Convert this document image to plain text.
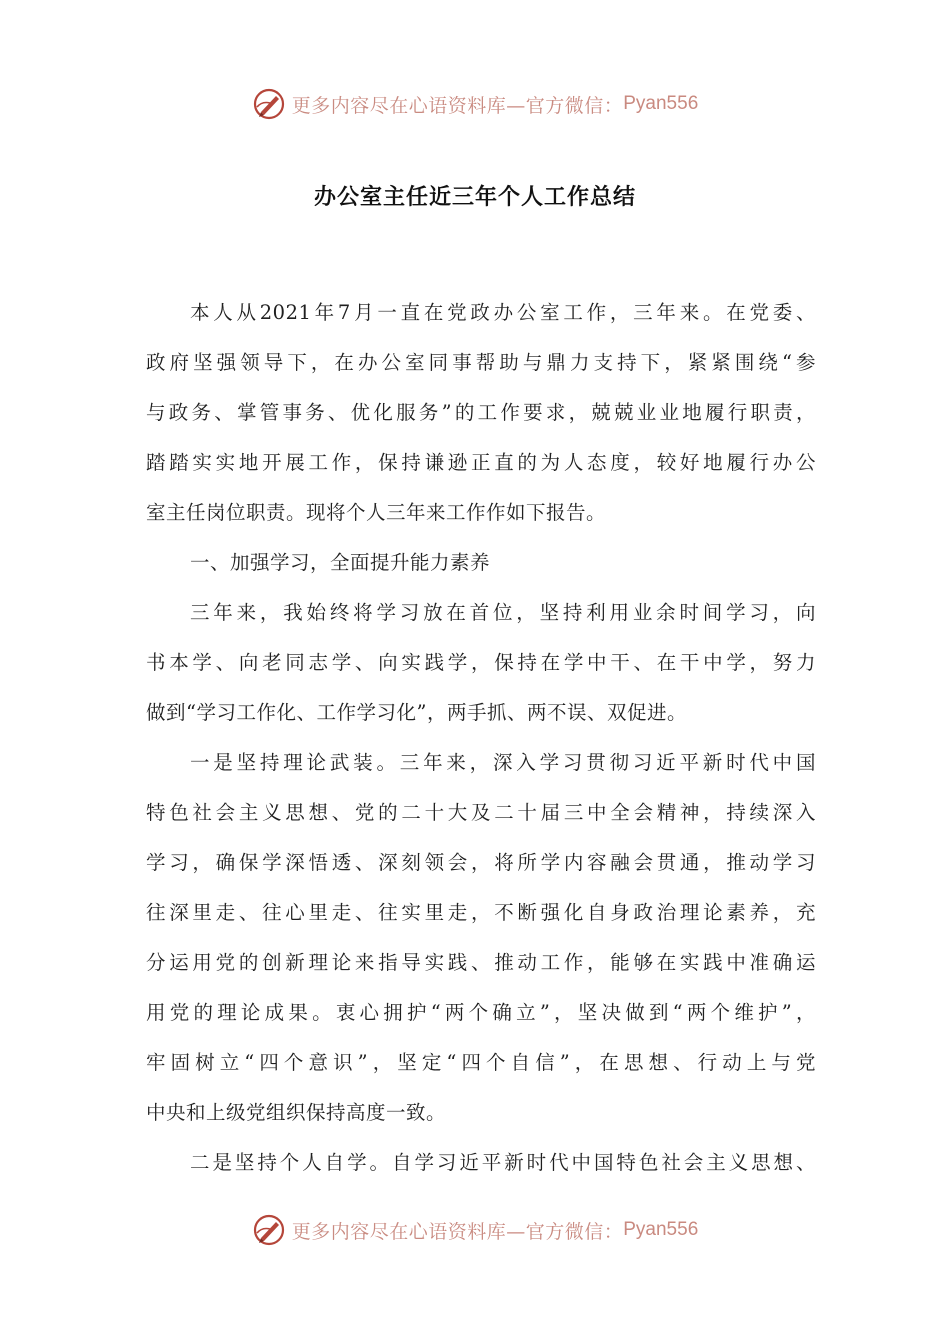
更多内容尽在心语资料库—官方微信： Pyan556
办公室主任近三年个人工作总结
本人从2021年7月一直在党政办公室工作，三年来。在党委、
政府坚强领导下，在办公室同事帮助与鼎力支持下，紧紧围绕“参
与政务、掌管事务、优化服务”的工作要求，兢兢业业地履行职责，
踏踏实实地开展工作，保持谦逊正直的为人态度，较好地履行办公
室主任岗位职责。现将个人三年来工作作如下报告。
一、加强学习，全面提升能力素养
三年来，我始终将学习放在首位，坚持利用业余时间学习，向
书本学、向老同志学、向实践学，保持在学中干、在干中学，努力
做到“学习工作化、工作学习化”，两手抓、两不误、双促进。
一是坚持理论武装。三年来，深入学习贯彻习近平新时代中国
特色社会主义思想、党的二十大及二十届三中全会精神，持续深入
学习，确保学深悟透、深刻领会，将所学内容融会贯通，推动学习
往深里走、往心里走、往实里走，不断强化自身政治理论素养，充
分运用党的创新理论来指导实践、推动工作，能够在实践中准确运
用党的理论成果。衷心拥护“两个确立”，坚决做到“两个维护”，
牢固树立“四个意识”，坚定“四个自信”，在思想、行动上与党
中央和上级党组织保持高度一致。
二是坚持个人自学。自学习近平新时代中国特色社会主义思想、
更多内容尽在心语资料库—官方微信： Pyan556
